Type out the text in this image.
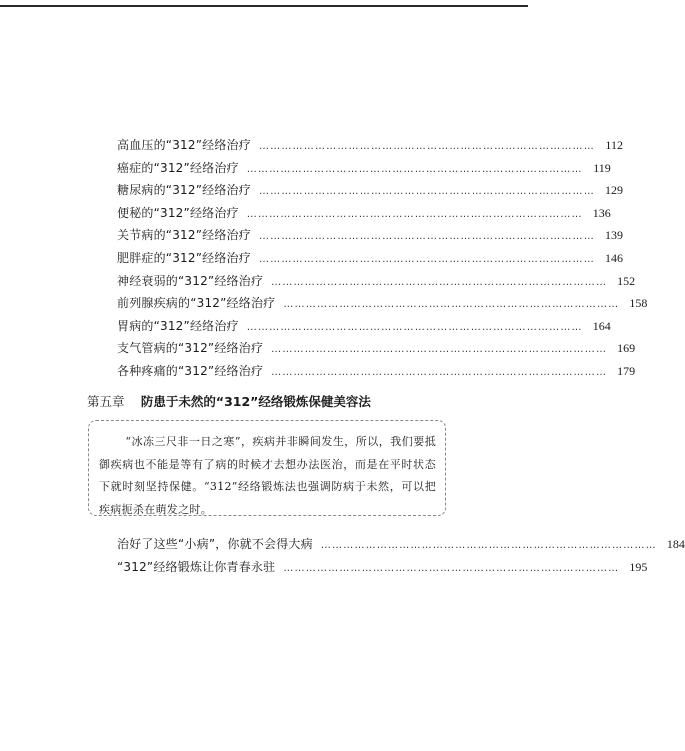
高血压的“312”经络治疗 ……………………………………………………………………………… 112
癌症的“312”经络治疗 ……………………………………………………………………………… 119
糖尿病的“312”经络治疗 ……………………………………………………………………………… 129
便秘的“312”经络治疗 ……………………………………………………………………………… 136
关节病的“312”经络治疗 ……………………………………………………………………………… 139
肥胖症的“312”经络治疗 ……………………………………………………………………………… 146
神经衰弱的“312”经络治疗 ……………………………………………………………………………… 152
前列腺疾病的“312”经络治疗 ……………………………………………………………………………… 158
胃病的“312”经络治疗 ……………………………………………………………………………… 164
支气管病的“312”经络治疗 ……………………………………………………………………………… 169
各种疼痛的“312”经络治疗 ……………………………………………………………………………… 179
第五章 防患于未然的“312”经络锻炼保健美容法

“冰冻三尺非一日之寒”，疾病并非瞬间发生，所以，我们要抵御疾病也不能是等有了病的时候才去想办法医治，而是在平时状态下就时刻坚持保健。“312”经络锻炼法也强调防病于未然，可以把疾病扼杀在萌发之时。

治好了这些“小病”，你就不会得大病 ……………………………………………………………………………… 184
“312”经络锻炼让你青春永驻 ……………………………………………………………………………… 195
